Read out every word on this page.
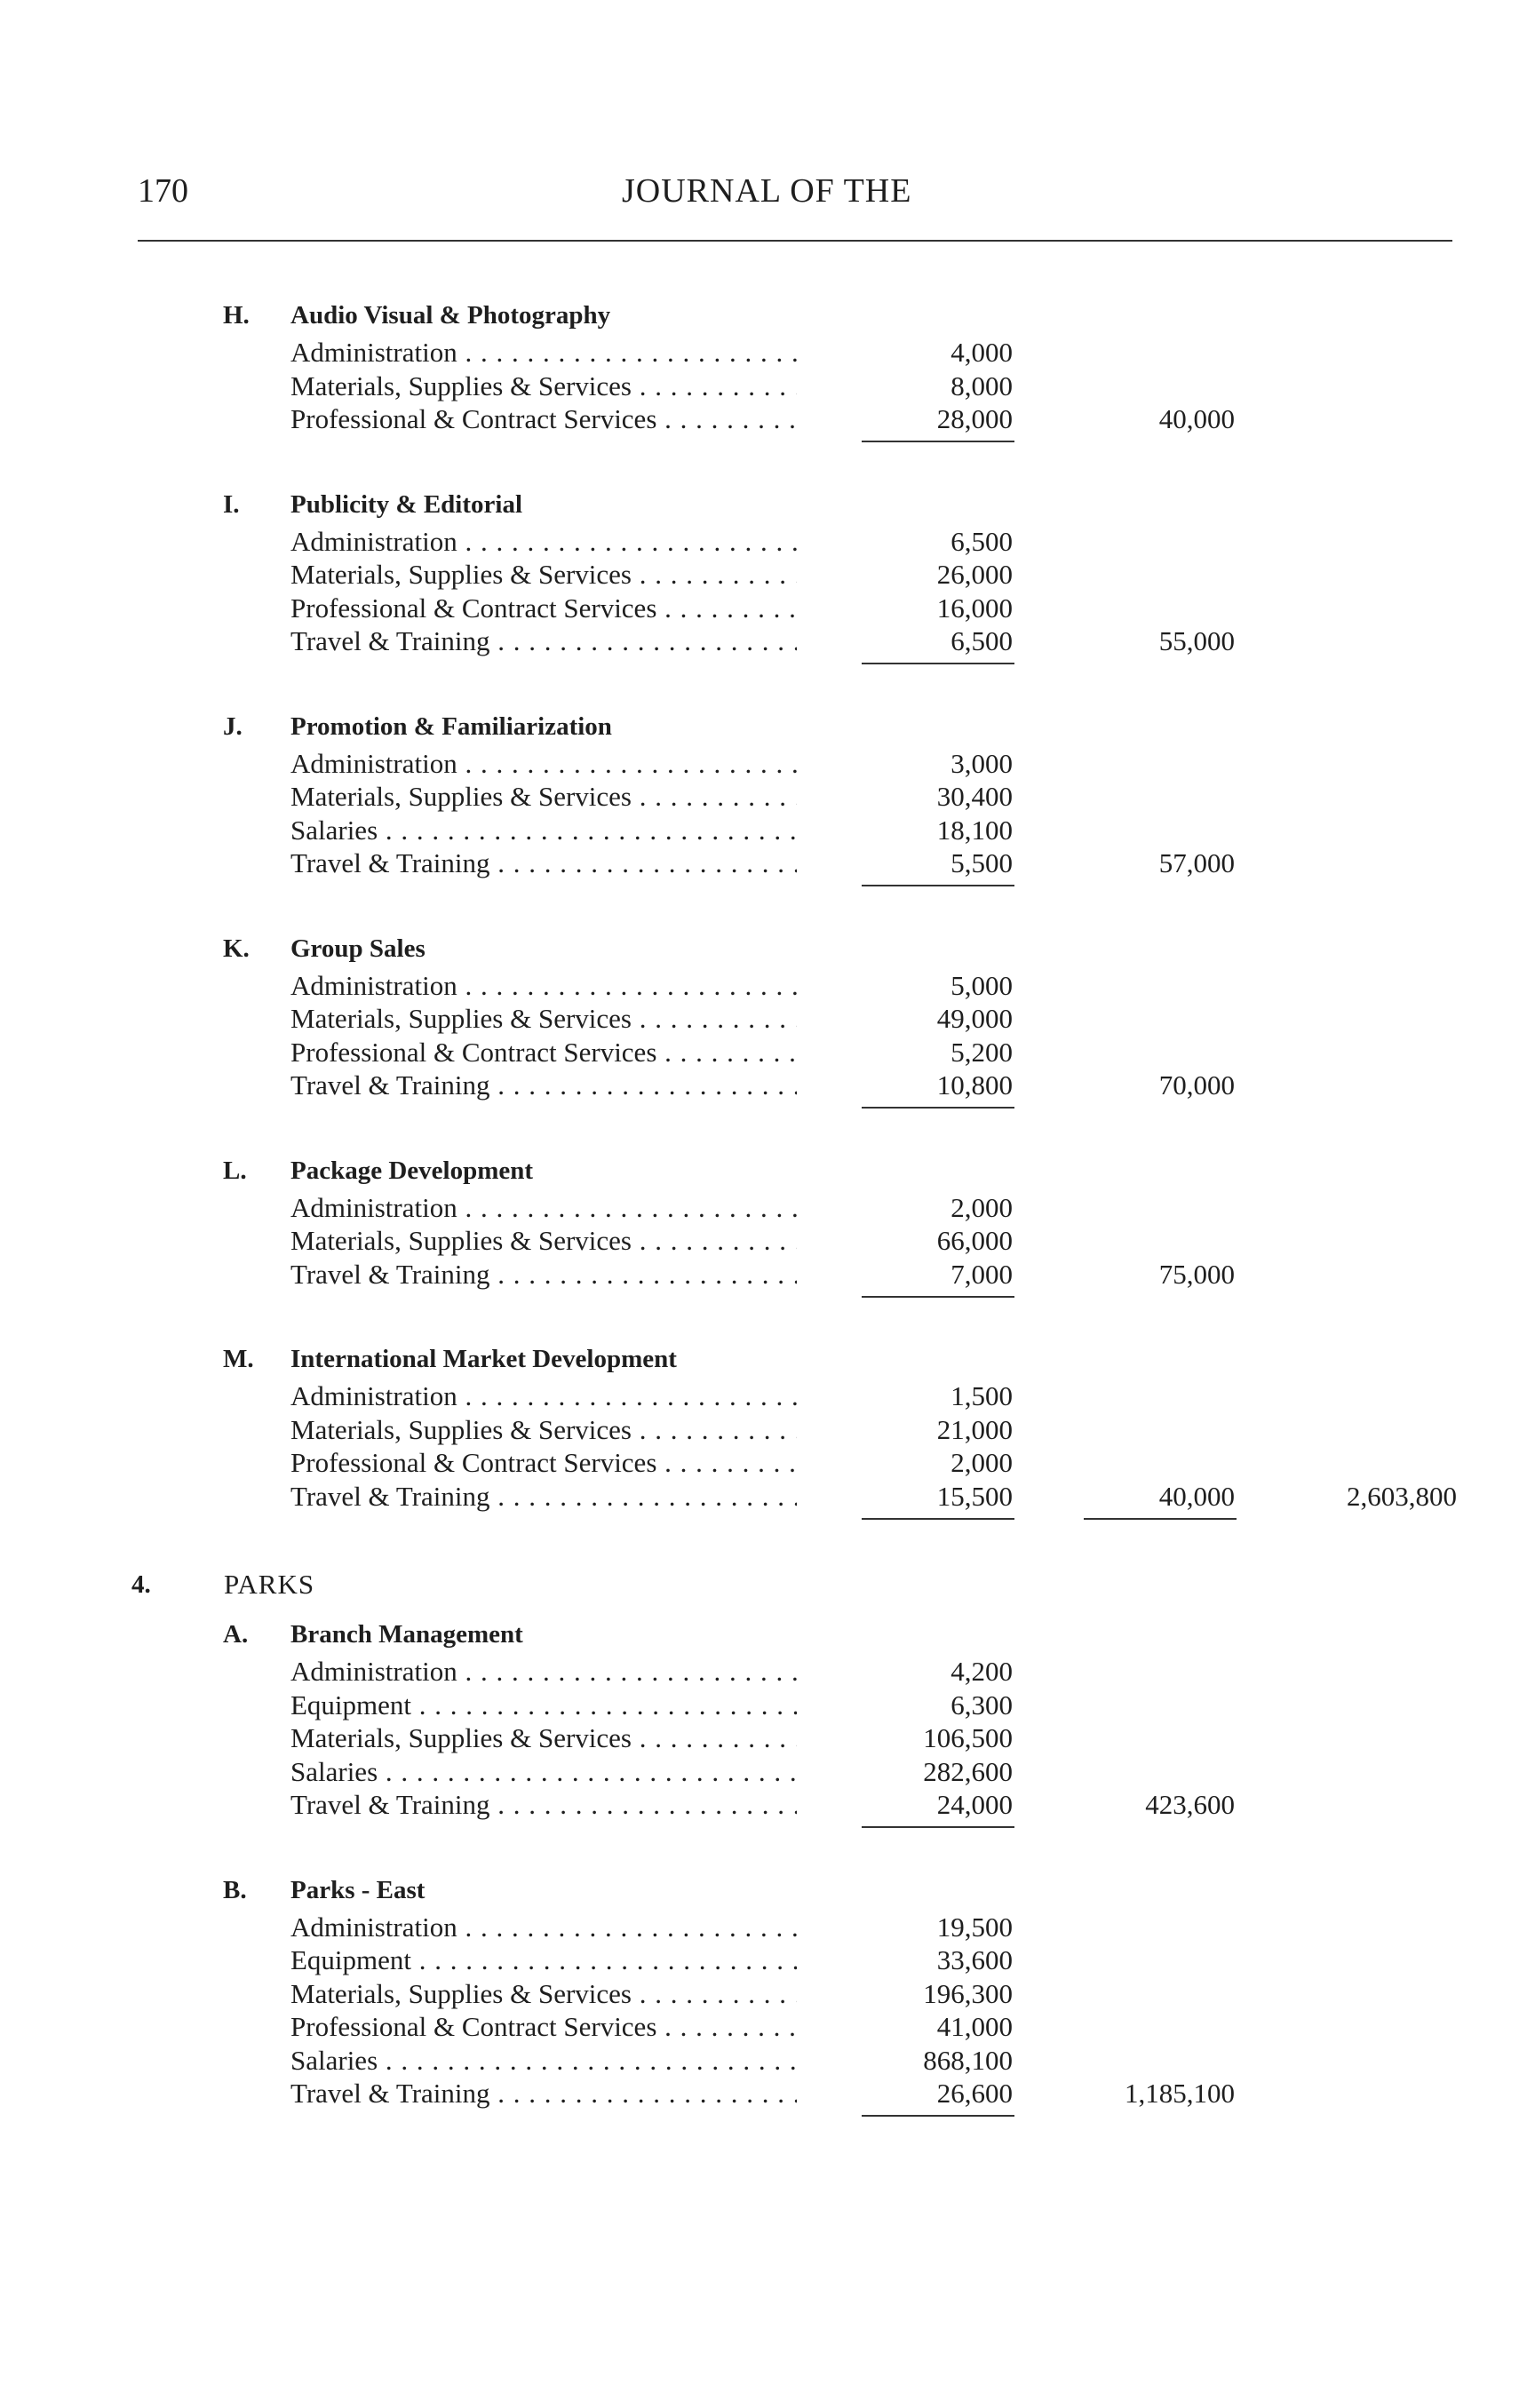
170	JOURNAL OF THE
H. Audio Visual & Photography
Administration . . .	4,000
Materials, Supplies & Services . . .	8,000
Professional & Contract Services . . .	28,000	40,000
I. Publicity & Editorial
Administration . . .	6,500
Materials, Supplies & Services . . .	26,000
Professional & Contract Services . . .	16,000
Travel & Training . . .	6,500	55,000
J. Promotion & Familiarization
Administration . . .	3,000
Materials, Supplies & Services . . .	30,400
Salaries . . .	18,100
Travel & Training . . .	5,500	57,000
K. Group Sales
Administration . . .	5,000
Materials, Supplies & Services . . .	49,000
Professional & Contract Services . . .	5,200
Travel & Training . . .	10,800	70,000
L. Package Development
Administration . . .	2,000
Materials, Supplies & Services . . .	66,000
Travel & Training . . .	7,000	75,000
M. International Market Development
Administration . . .	1,500
Materials, Supplies & Services . . .	21,000
Professional & Contract Services . . .	2,000
Travel & Training . . .	15,500	40,000	2,603,800
4.	PARKS
A. Branch Management
Administration . . .	4,200
Equipment . . .	6,300
Materials, Supplies & Services . . .	106,500
Salaries . . .	282,600
Travel & Training . . .	24,000	423,600
B. Parks - East
Administration . . .	19,500
Equipment . . .	33,600
Materials, Supplies & Services . . .	196,300
Professional & Contract Services . . .	41,000
Salaries . . .	868,100
Travel & Training . . .	26,600	1,185,100
